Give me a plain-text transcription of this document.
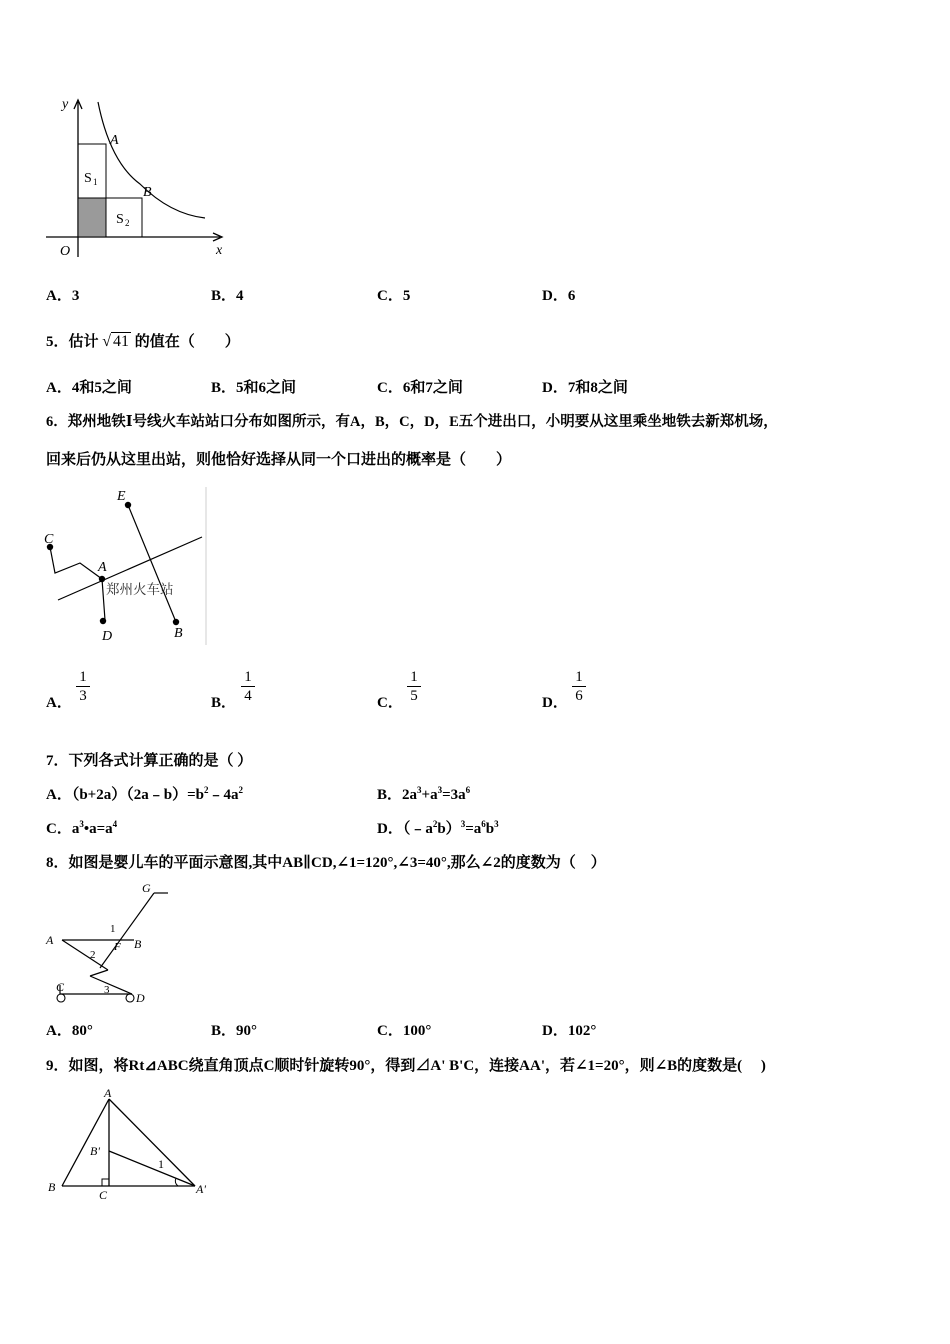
y
x
O
A
B
S 1
S 2
A．3	B．4	C．5	D．6
5．估计 √ 41 的值在（　　）
A．4和5之间	B．5和6之间	C．6和7之间	D．7和8之间
6．郑州地铁Ⅰ号线火车站站口分布如图所示，有A，B，C，D，E五个进出口，小明要从这里乘坐地铁去新郑机场，
回来后仍从这里出站，则他恰好选择从同一个口进出的概率是（　　）
E
C
A
D	B
郑州火车站
A． $\frac{1}{3}$	B． $\frac{1}{4}$	C． $\frac{1}{5}$	D． $\frac{1}{6}$
7．下列各式计算正确的是（ ）
A．$(b+2a)(2a﹣b)=b^2﹣4a^2$	B．$2a^3+a^3=3a^6$
C．$a^3•a=a^4$	D．$(﹣a^2b)^3=a^6b^3$
8．如图是婴儿车的平面示意图,其中AB∥CD,∠1=120°,∠3=40°,那么∠2的度数为（　）
G
A	B
C
D
F
1
2
3
A．80°	B．90°	C．100°	D．102°
9．如图，将Rt⊿ABC绕直角顶点C顺时针旋转90°，得到⊿A' B'C，连接AA'，若∠1=20°，则∠B的度数是(　 )
A
B
C
B'
A'
1
